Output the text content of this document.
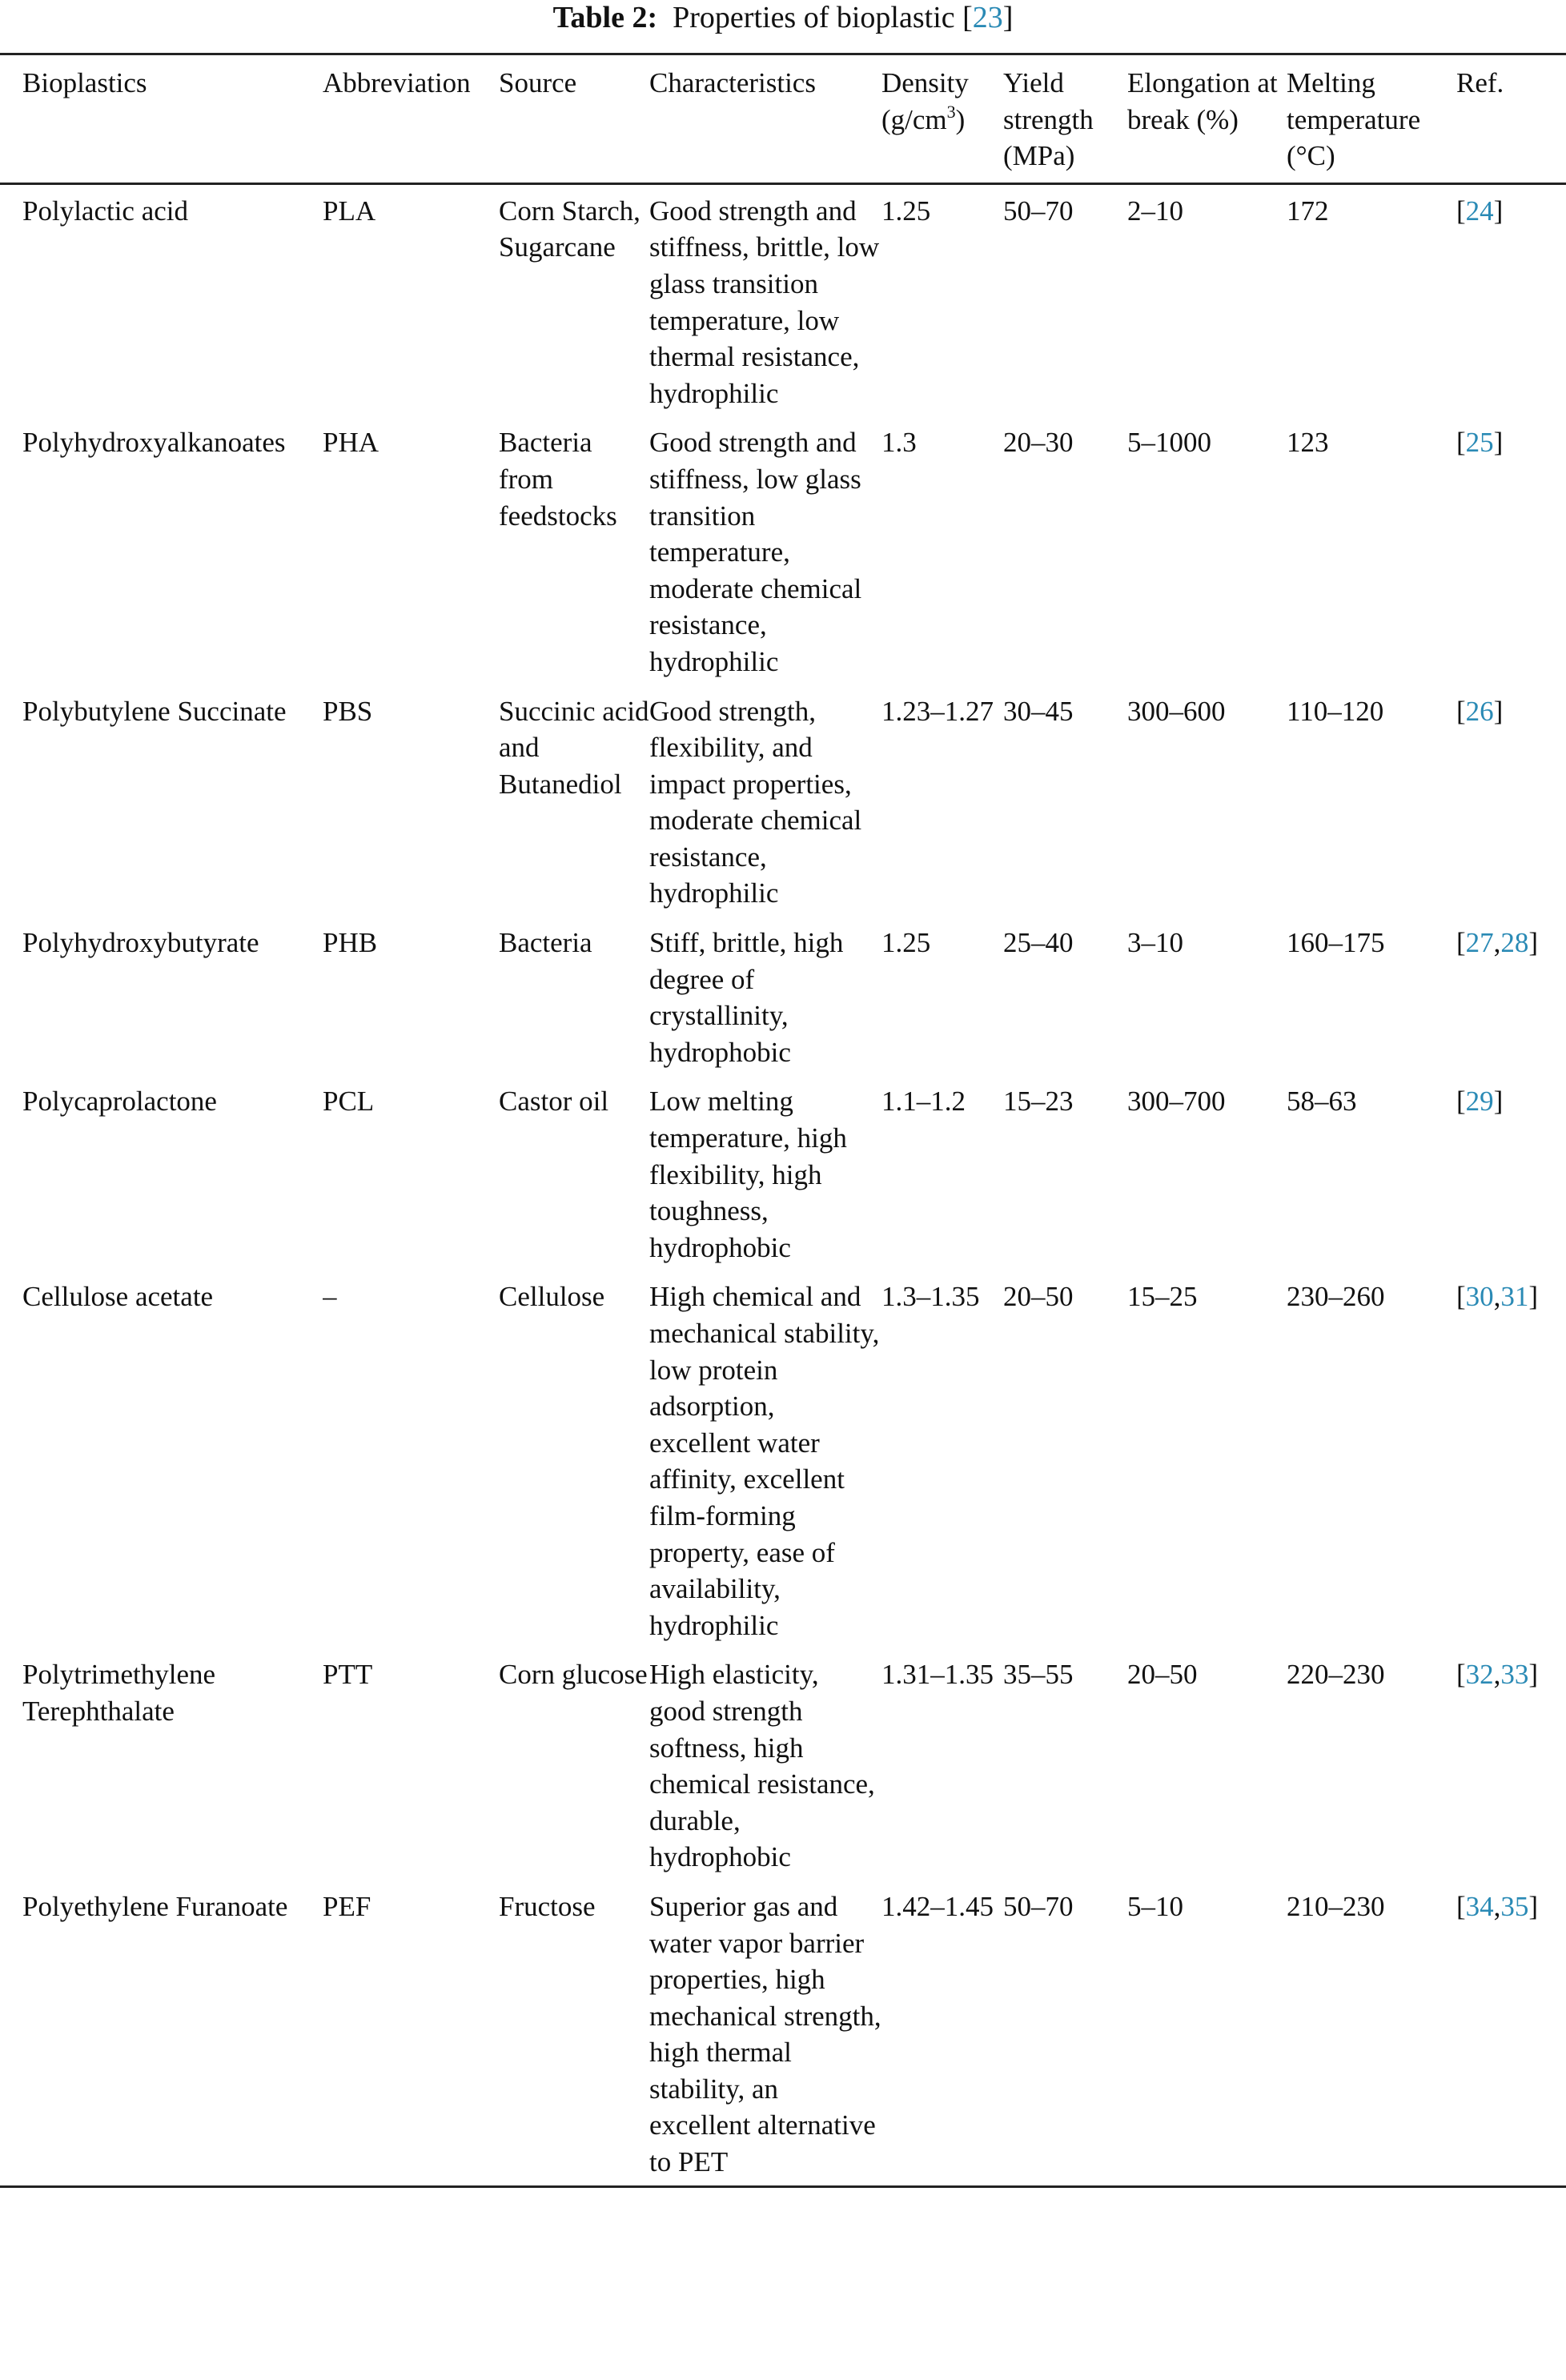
Table 2: Properties of bioplastic [23]
Bioplastics	Abbreviation	Source	Characteristics	Density $(g/cm^3)$	Yield strength (MPa)	Elongation at break (%)	Melting temperature (°C)	Ref.
Polylactic acid	PLA	Corn Starch, Sugarcane	Good strength and stiffness, brittle, low glass transition temperature, low thermal resistance, hydrophilic	1.25	50–70	2–10	172	[24]
Polyhydroxyalkanoates	PHA	Bacteria from feedstocks	Good strength and stiffness, low glass transition temperature, moderate chemical resistance, hydrophilic	1.3	20–30	5–1000	123	[25]
Polybutylene Succinate	PBS	Succinic acid and Butanediol	Good strength, flexibility, and impact properties, moderate chemical resistance, hydrophilic	1.23–1.27	30–45	300–600	110–120	[26]
Polyhydroxybutyrate	PHB	Bacteria	Stiff, brittle, high degree of crystallinity, hydrophobic	1.25	25–40	3–10	160–175	[27,28]
Polycaprolactone	PCL	Castor oil	Low melting temperature, high flexibility, high toughness, hydrophobic	1.1–1.2	15–23	300–700	58–63	[29]
Cellulose acetate	–	Cellulose	High chemical and mechanical stability, low protein adsorption, excellent water affinity, excellent film-forming property, ease of availability, hydrophilic	1.3–1.35	20–50	15–25	230–260	[30,31]
Polytrimethylene Terephthalate	PTT	Corn glucose	High elasticity, good strength softness, high chemical resistance, durable, hydrophobic	1.31–1.35	35–55	20–50	220–230	[32,33]
Polyethylene Furanoate	PEF	Fructose	Superior gas and water vapor barrier properties, high mechanical strength, high thermal stability, an excellent alternative to PET	1.42–1.45	50–70	5–10	210–230	[34,35]
